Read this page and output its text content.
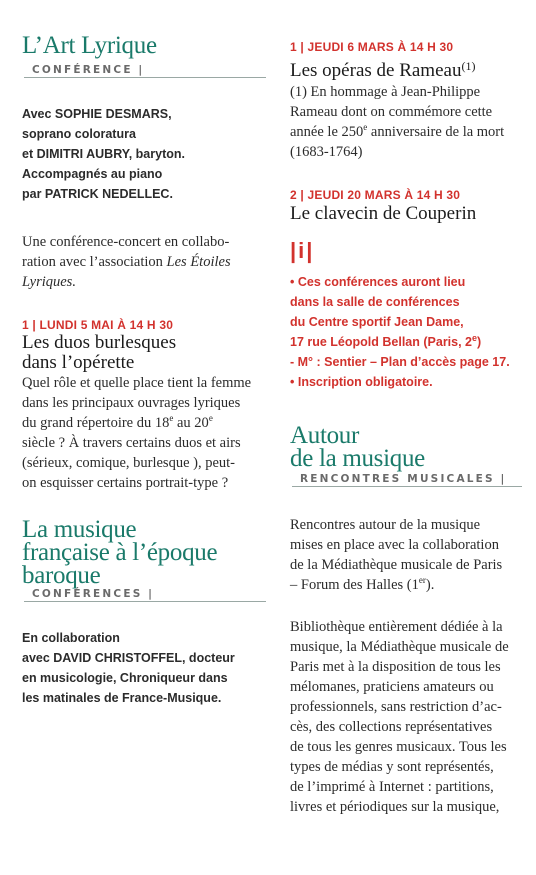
L’Art Lyrique
CONFÉRENCE |
Avec SOPHIE DESMARS,
soprano coloratura
et DIMITRI AUBRY, baryton.
Accompagnés au piano
par PATRICK NEDELLEC.
Une conférence-concert en collabo-
ration avec l’association Les Étoiles
Lyriques.
1 | LUNDI 5 MAI À 14 H 30
Les duos burlesques
dans l’opérette
Quel rôle et quelle place tient la femme
dans les principaux ouvrages lyriques
du grand répertoire du 18e au 20e
siècle ? À travers certains duos et airs
(sérieux, comique, burlesque ), peut-
on esquisser certains portrait-type ?
La musique
française à l’époque
baroque
CONFÉRENCES |
En collaboration
avec DAVID CHRISTOFFEL, docteur
en musicologie, Chroniqueur dans
les matinales de France-Musique.
1 | JEUDI 6 MARS À 14 H 30
Les opéras de Rameau$^{(1)}$
(1) En hommage à Jean-Philippe
Rameau dont on commémore cette
année le 250e anniversaire de la mort
(1683-1764)
2 | JEUDI 20 MARS À 14 H 30
Le clavecin de Couperin
|i|
• Ces conférences auront lieu
dans la salle de conférences
du Centre sportif Jean Dame,
17 rue Léopold Bellan (Paris, 2e)
- M° : Sentier – Plan d’accès page 17.
• Inscription obligatoire.
Autour
de la musique
RENCONTRES MUSICALES |
Rencontres autour de la musique
mises en place avec la collaboration
de la Médiathèque musicale de Paris
– Forum des Halles (1er).
Bibliothèque entièrement dédiée à la
musique, la Médiathèque musicale de
Paris met à la disposition de tous les
mélomanes, praticiens amateurs ou
professionnels, sans restriction d’ac-
cès, des collections représentatives
de tous les genres musicaux. Tous les
types de médias y sont représentés,
de l’imprimé à Internet : partitions,
livres et périodiques sur la musique,
